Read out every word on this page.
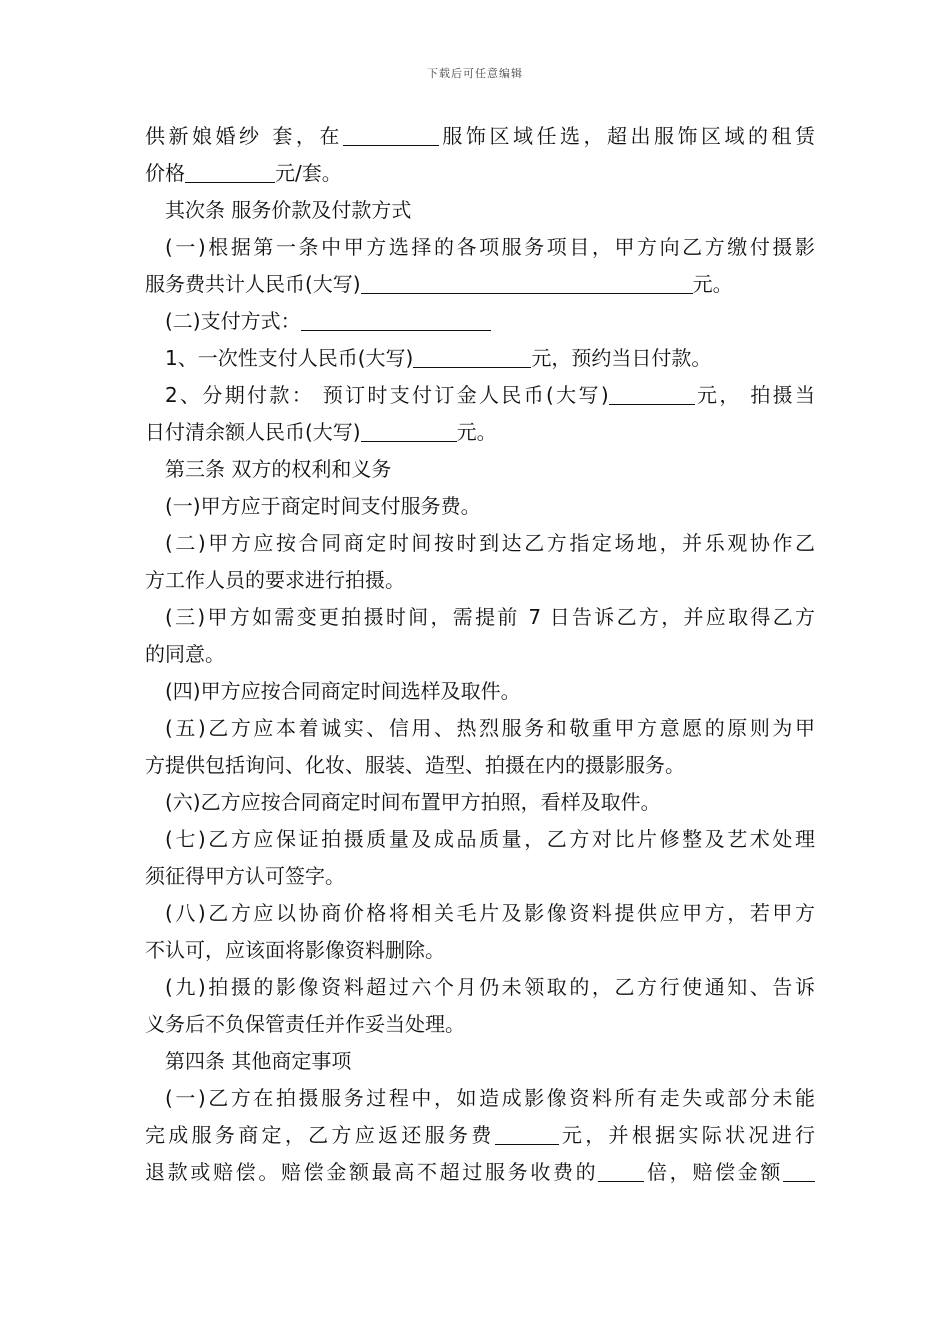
下载后可任意编辑

供新娘婚纱 套，在	服饰区域任选，超出服饰区域的租赁

价格	元/套。

其次条 服务价款及付款方式

(一)根据第一条中甲方选择的各项服务项目，甲方向乙方缴付摄影

服务费共计人民币(大写)	元。

(二)支付方式：

1、一次性支付人民币(大写)	元，预约当日付款。

2、分期付款： 预订时支付订金人民币(大写)	元， 拍摄当

日付清余额人民币(大写)	元。

第三条 双方的权利和义务

(一)甲方应于商定时间支付服务费。

(二)甲方应按合同商定时间按时到达乙方指定场地，并乐观协作乙

方工作人员的要求进行拍摄。

(三)甲方如需变更拍摄时间，需提前 7 日告诉乙方，并应取得乙方

的同意。

(四)甲方应按合同商定时间选样及取件。

(五)乙方应本着诚实、信用、热烈服务和敬重甲方意愿的原则为甲

方提供包括询问、化妆、服装、造型、拍摄在内的摄影服务。

(六)乙方应按合同商定时间布置甲方拍照，看样及取件。

(七)乙方应保证拍摄质量及成品质量，乙方对比片修整及艺术处理

须征得甲方认可签字。

(八)乙方应以协商价格将相关毛片及影像资料提供应甲方，若甲方

不认可，应该面将影像资料删除。

(九)拍摄的影像资料超过六个月仍未领取的，乙方行使通知、告诉

义务后不负保管责任并作妥当处理。

第四条 其他商定事项

(一)乙方在拍摄服务过程中，如造成影像资料所有走失或部分未能

完成服务商定，乙方应返还服务费	元，并根据实际状况进行

退款或赔偿。赔偿金额最高不超过服务收费的 倍，赔偿金额
